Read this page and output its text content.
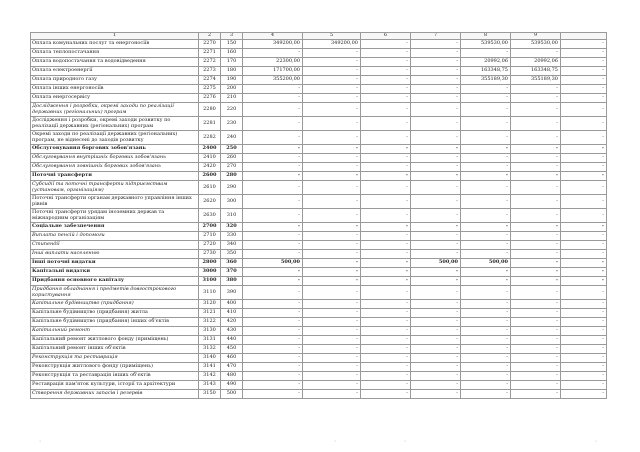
1	2	3	4	5	6	7	8	9	
Оплата комунальних послуг та енергоносіїв	2270	150	349200,00	349200,00	-	-	539530,00	539530,00	-
Оплата теплопостачання	2271	160	-	-	-	-	-	-	-
Оплата водопостачання та водовідведення	2272	170	22300,00	-	-	-	20992,06	20992,06	-
Оплата електроенергії	2273	180	171700,00	-	-	-	163348,75	163348,75	-
Оплата природного газу	2274	190	355200,00	-	-	-	355189,30	355189,30	-
Оплата інших енергоносіїв	2275	200	-	-	-	-	-	-	-
Оплата енергосервісу	2276	210	-	-	-	-	-	-	-
Дослідження і розробки, окремі заходи по реалізації державних (регіональних) програм	2280	220	-	-	-	-	-	-	-
Дослідження і розробки, окремі заходи розвитку по реалізації державних (регіональних) програм	2281	230	-	-	-	-	-	-	-
Окремі заходи по реалізації державних (регіональних) програм, не віднесені до заходів розвитку	2282	240	-	-	-	-	-	-	-
Обслуговування боргових зобов'язань	2400	250	-	-	-	-	-	-	-
Обслуговування внутрішніх боргових зобов'язань	2410	260	-	-	-	-	-	-	-
Обслуговування зовнішніх боргових зобов'язань	2420	270	-	-	-	-	-	-	-
Поточні трансферти	2600	280	-	-	-	-	-	-	-
Субсидії та поточні трансферти підприємствам (установам, організаціям)	2610	290	-	-	-	-	-	-	-
Поточні трансферти органам державного управління інших рівнів	2620	300	-	-	-	-	-	-	-
Поточні трансферти урядам іноземних держав та міжнародним організаціям	2630	310	-	-	-	-	-	-	-
Соціальне забезпечення	2700	320	-	-	-	-	-	-	-
Виплата пенсій і допомоги	2710	330	-	-	-	-	-	-	-
Стипендії	2720	340	-	-	-	-	-	-	-
Інші виплати населенню	2730	350	-	-	-	-	-	-	-
Інші поточні видатки	2800	360	500,00	-	-	500,00	500,00	-	-
Капітальні видатки	3000	370	-	-	-	-	-	-	-
Придбання основного капіталу	3100	380	-	-	-	-	-	-	-
Придбання обладнання і предметів довгострокового користування	3110	390	-	-	-	-	-	-	-
Капітальне будівництво (придбання)	3120	400	-	-	-	-	-	-	-
Капітальне будівництво (придбання) житла	3121	410	-	-	-	-	-	-	-
Капітальне будівництво (придбання) інших об'єктів	3122	420	-	-	-	-	-	-	-
Капітальний ремонт	3130	430	-	-	-	-	-	-	-
Капітальний ремонт житлового фонду (приміщень)	3131	440	-	-	-	-	-	-	-
Капітальний ремонт інших об'єктів	3132	450	-	-	-	-	-	-	-
Реконструкція та реставрація	3140	460	-	-	-	-	-	-	-
Реконструкція житлового фонду (приміщень)	3141	470	-	-	-	-	-	-	-
Реконструкція та реставрація інших об'єктів	3142	480	-	-	-	-	-	-	-
Реставрація пам'яток культури, історії та архітектури	3143	490	-	-	-	-	-	-	-
Створення державних запасів і резервів	3150	500	-	-	-	-	-	-	-
'	'	'	'
